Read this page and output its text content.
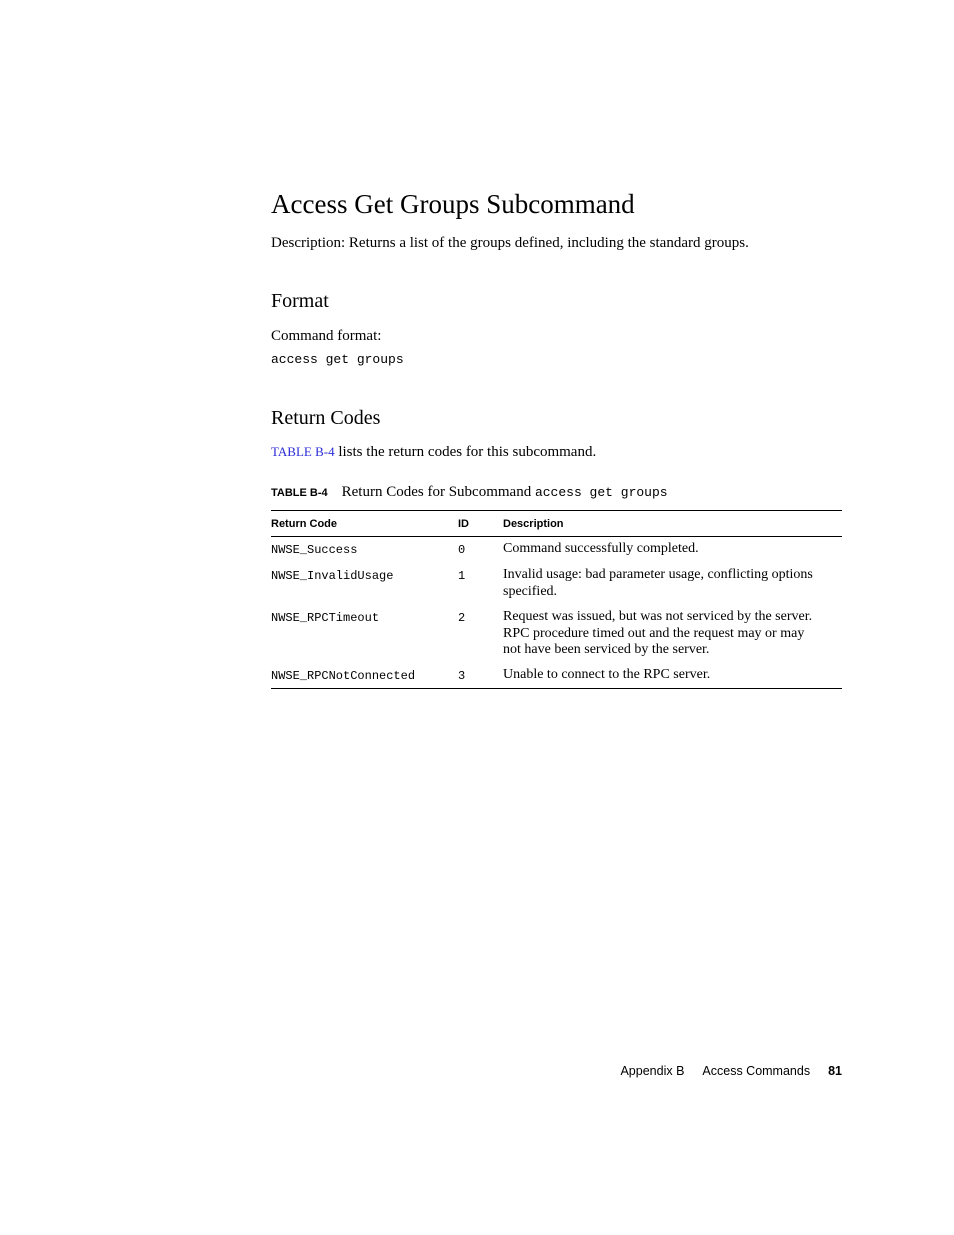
Access Get Groups Subcommand

Description: Returns a list of the groups defined, including the standard groups.

Format

Command format:

access get groups
Return Codes

TABLE B-4 lists the return codes for this subcommand.

TABLE B-4 Return Codes for Subcommand access get groups
Return Code	ID	Description
NWSE_Success	0	Command successfully completed.
NWSE_InvalidUsage	1	Invalid usage: bad parameter usage, conflicting options specified.
NWSE_RPCTimeout	2	Request was issued, but was not serviced by the server. RPC procedure timed out and the request may or may not have been serviced by the server.
NWSE_RPCNotConnected	3	Unable to connect to the RPC server.
Appendix B Access Commands 81
